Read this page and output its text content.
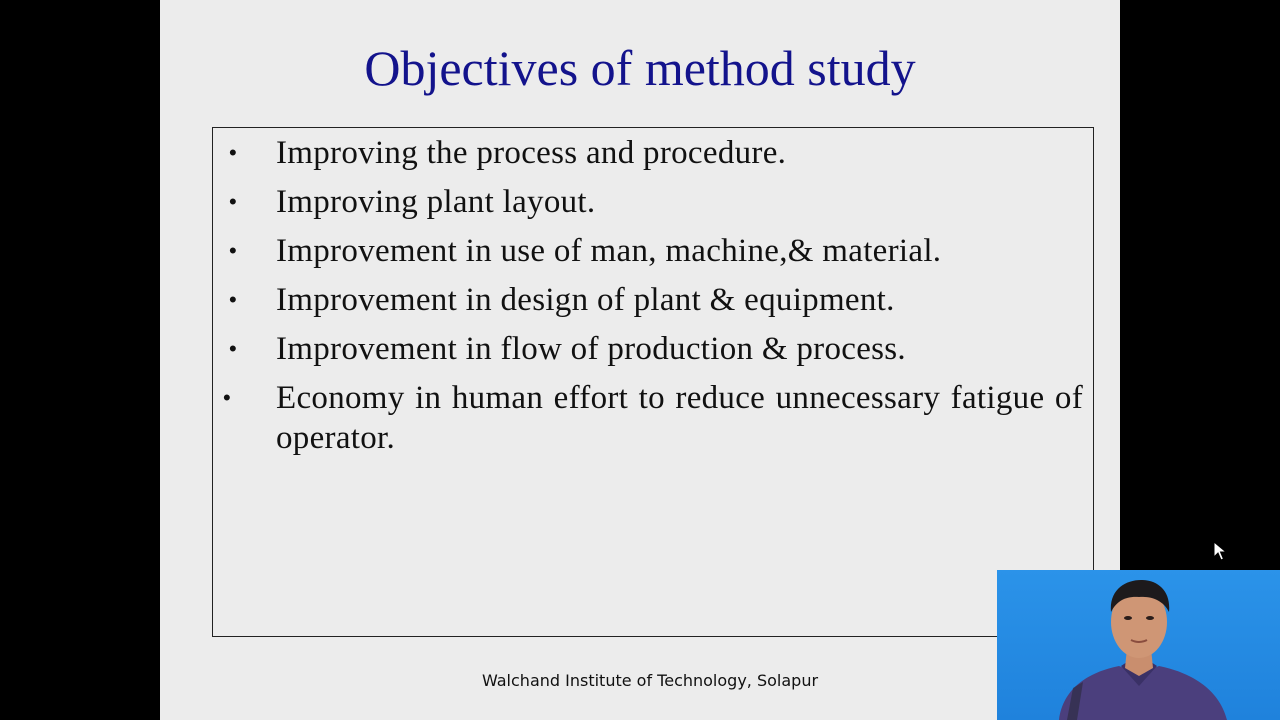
Objectives of method study
• Improving the process and procedure.
• Improving plant layout.
• Improvement in use of man, machine,& material.
• Improvement in design of plant & equipment.
• Improvement in flow of production & process.
•	Economy in human effort to reduce unnecessary fatigue of operator.
Walchand Institute of Technology, Solapur
